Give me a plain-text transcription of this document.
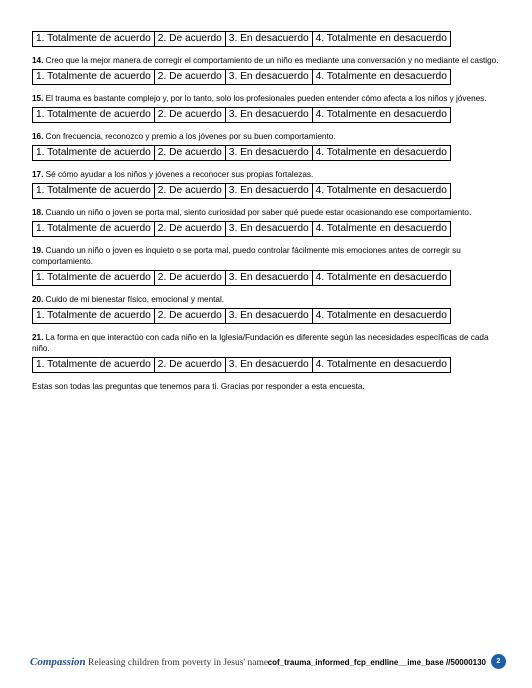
1. Totalmente de acuerdo	2. De acuerdo	3. En desacuerdo	4. Totalmente en desacuerdo
14. Creo que la mejor manera de corregir el comportamiento de un niño es mediante una conversación y no mediante el castigo.
1. Totalmente de acuerdo	2. De acuerdo	3. En desacuerdo	4. Totalmente en desacuerdo
15. El trauma es bastante complejo y, por lo tanto, solo los profesionales pueden entender cómo afecta a los niños y jóvenes.
1. Totalmente de acuerdo	2. De acuerdo	3. En desacuerdo	4. Totalmente en desacuerdo
16. Con frecuencia, reconozco y premio a los jóvenes por su buen comportamiento.
1. Totalmente de acuerdo	2. De acuerdo	3. En desacuerdo	4. Totalmente en desacuerdo
17. Sé cómo ayudar a los niños y jóvenes a reconocer sus propias fortalezas.
1. Totalmente de acuerdo	2. De acuerdo	3. En desacuerdo	4. Totalmente en desacuerdo
18. Cuando un niño o joven se porta mal, siento curiosidad por saber qué puede estar ocasionando ese comportamiento.
1. Totalmente de acuerdo	2. De acuerdo	3. En desacuerdo	4. Totalmente en desacuerdo
19. Cuando un niño o joven es inquieto o se porta mal, puedo controlar fácilmente mis emociones antes de corregir su comportamiento.
1. Totalmente de acuerdo	2. De acuerdo	3. En desacuerdo	4. Totalmente en desacuerdo
20. Cuido de mi bienestar físico, emocional y mental.
1. Totalmente de acuerdo	2. De acuerdo	3. En desacuerdo	4. Totalmente en desacuerdo
21. La forma en que interactúo con cada niño en la Iglesia/Fundación es diferente según las necesidades específicas de cada niño.
1. Totalmente de acuerdo	2. De acuerdo	3. En desacuerdo	4. Totalmente en desacuerdo
Estas son todas las preguntas que tenemos para ti. Gracias por responder a esta encuesta.
Compassion Releasing children from poverty in Jesus' name cof_trauma_informed_fcp_endline__ime_base //50000130	2
